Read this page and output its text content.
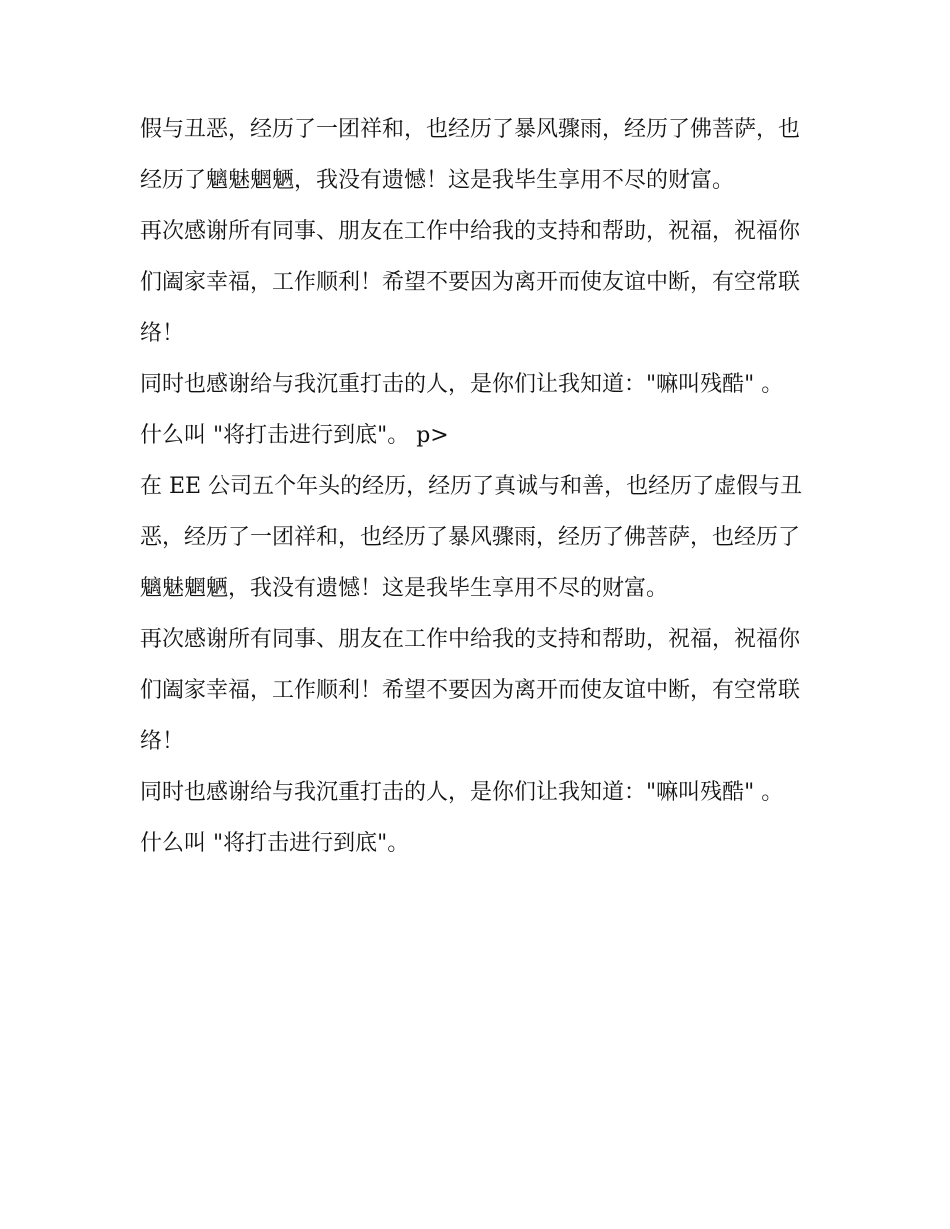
假与丑恶，经历了一团祥和，也经历了暴风骤雨，经历了佛菩萨，也经历了魑魅魍魉，我没有遗憾！这是我毕生享用不尽的财富。

再次感谢所有同事、朋友在工作中给我的支持和帮助，祝福，祝福你们阖家幸福，工作顺利！希望不要因为离开而使友谊中断，有空常联络！

同时也感谢给与我沉重打击的人，是你们让我知道："嘛叫残酷" 。 什么叫 "将打击进行到底"。 p>

在 EE 公司五个年头的经历，经历了真诚与和善，也经历了虚假与丑恶，经历了一团祥和，也经历了暴风骤雨，经历了佛菩萨，也经历了魑魅魍魉，我没有遗憾！这是我毕生享用不尽的财富。

再次感谢所有同事、朋友在工作中给我的支持和帮助，祝福，祝福你们阖家幸福，工作顺利！希望不要因为离开而使友谊中断，有空常联络！

同时也感谢给与我沉重打击的人，是你们让我知道："嘛叫残酷" 。 什么叫 "将打击进行到底"。
